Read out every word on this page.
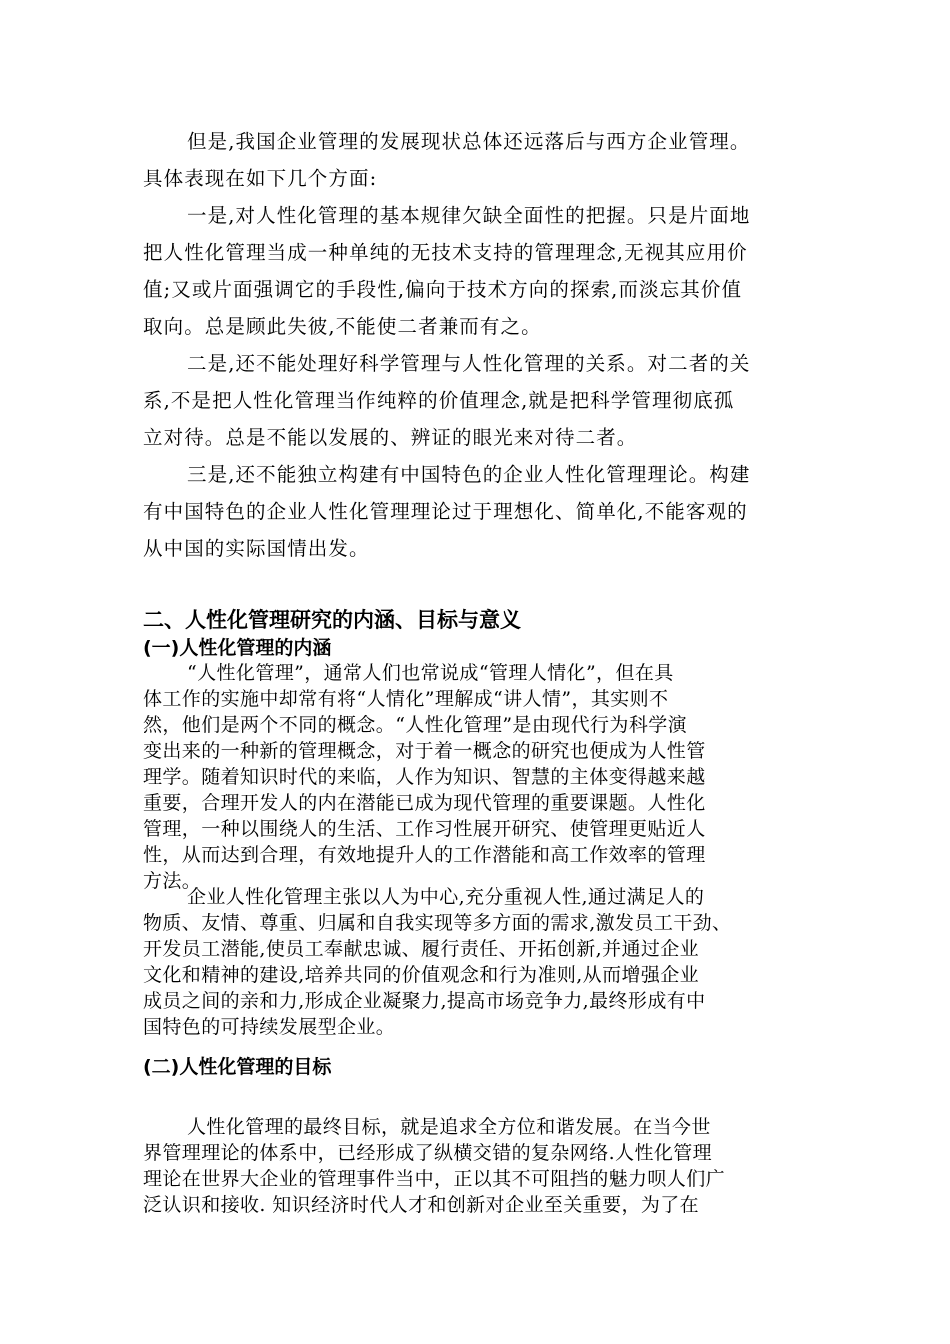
但是,我国企业管理的发展现状总体还远落后与西方企业管理。
具体表现在如下几个方面:
一是,对人性化管理的基本规律欠缺全面性的把握。只是片面地
把人性化管理当成一种单纯的无技术支持的管理理念,无视其应用价
值;又或片面强调它的手段性,偏向于技术方向的探索,而淡忘其价值
取向。总是顾此失彼,不能使二者兼而有之。
二是,还不能处理好科学管理与人性化管理的关系。对二者的关
系,不是把人性化管理当作纯粹的价值理念,就是把科学管理彻底孤
立对待。总是不能以发展的、辨证的眼光来对待二者。
三是,还不能独立构建有中国特色的企业人性化管理理论。构建
有中国特色的企业人性化管理理论过于理想化、简单化,不能客观的
从中国的实际国情出发。
二、人性化管理研究的内涵、目标与意义
(一)人性化管理的内涵
“人性化管理”，通常人们也常说成“管理人情化”，但在具
体工作的实施中却常有将“人情化”理解成“讲人情”，其实则不
然，他们是两个不同的概念。“人性化管理”是由现代行为科学演
变出来的一种新的管理概念，对于着一概念的研究也便成为人性管
理学。随着知识时代的来临，人作为知识、智慧的主体变得越来越
重要，合理开发人的内在潜能已成为现代管理的重要课题。人性化
管理，一种以围绕人的生活、工作习性展开研究、使管理更贴近人
性，从而达到合理，有效地提升人的工作潜能和高工作效率的管理
方法。
企业人性化管理主张以人为中心,充分重视人性,通过满足人的
物质、友情、尊重、归属和自我实现等多方面的需求,激发员工干劲、
开发员工潜能,使员工奉献忠诚、履行责任、开拓创新,并通过企业
文化和精神的建设,培养共同的价值观念和行为准则,从而增强企业
成员之间的亲和力,形成企业凝聚力,提高市场竞争力,最终形成有中
国特色的可持续发展型企业。
(二)人性化管理的目标
人性化管理的最终目标，就是追求全方位和谐发展。在当今世
界管理理论的体系中，已经形成了纵横交错的复杂网络.人性化管理
理论在世界大企业的管理事件当中，正以其不可阻挡的魅力呗人们广
泛认识和接收. 知识经济时代人才和创新对企业至关重要，为了在
